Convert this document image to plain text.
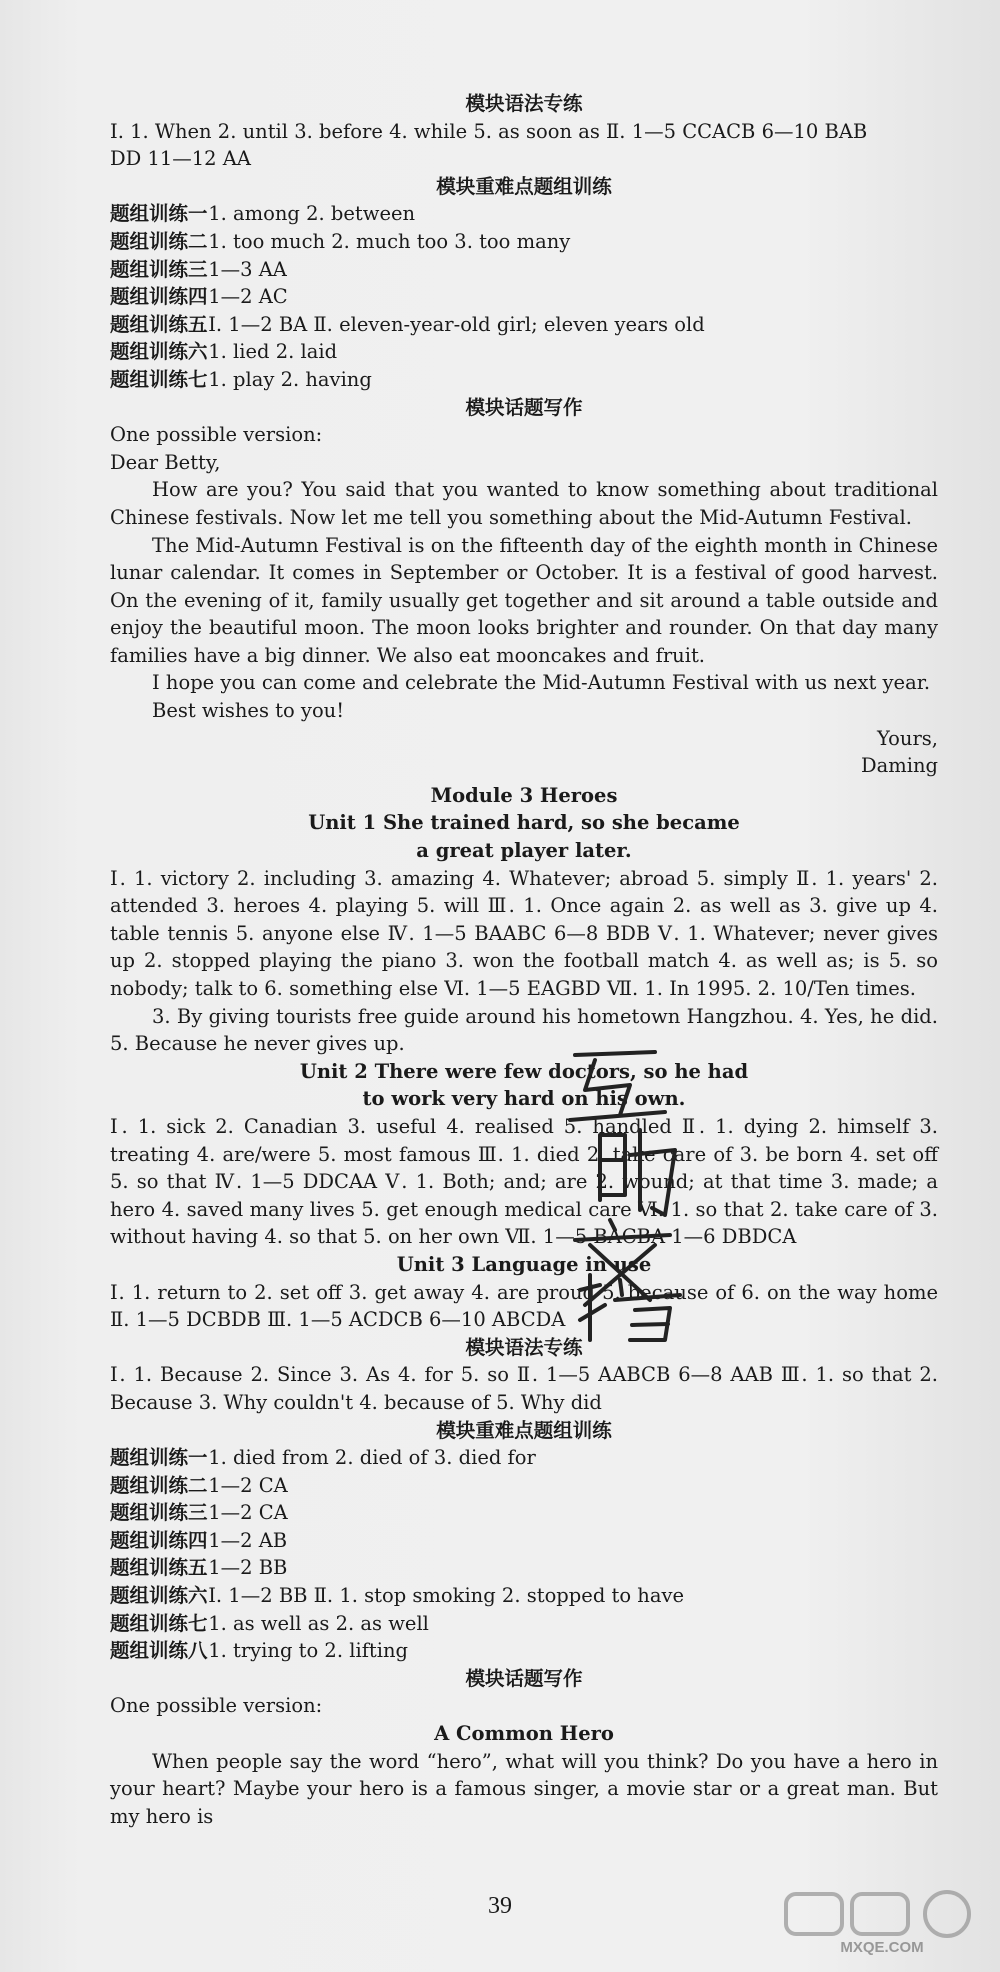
模块语法专练
Ⅰ. 1. When 2. until 3. before 4. while 5. as soon as Ⅱ. 1—5 CCACB 6—10 BAB
DD 11—12 AA
模块重难点题组训练
题组训练一 1. among 2. between
题组训练二 1. too much 2. much too 3. too many
题组训练三 1—3 AA
题组训练四 1—2 AC
题组训练五 Ⅰ. 1—2 BA Ⅱ. eleven-year-old girl; eleven years old
题组训练六 1. lied 2. laid
题组训练七 1. play 2. having
模块话题写作
One possible version:
Dear Betty,
How are you? You said that you wanted to know something about traditional Chinese festivals. Now let me tell you something about the Mid-Autumn Festival.
The Mid-Autumn Festival is on the fifteenth day of the eighth month in Chinese lunar calendar. It comes in September or October. It is a festival of good harvest. On the evening of it, family usually get together and sit around a table outside and enjoy the beautiful moon. The moon looks brighter and rounder. On that day many families have a big dinner. We also eat mooncakes and fruit.
I hope you can come and celebrate the Mid-Autumn Festival with us next year.
Best wishes to you!
Yours,
Daming
Module 3 Heroes
Unit 1 She trained hard, so she became
a great player later.
Ⅰ. 1. victory 2. including 3. amazing 4. Whatever; abroad 5. simply Ⅱ. 1. years' 2. attended 3. heroes 4. playing 5. will Ⅲ. 1. Once again 2. as well as 3. give up 4. table tennis 5. anyone else Ⅳ. 1—5 BAABC 6—8 BDB Ⅴ. 1. Whatever; never gives up 2. stopped playing the piano 3. won the football match 4. as well as; is 5. so nobody; talk to 6. something else Ⅵ. 1—5 EAGBD Ⅶ. 1. In 1995. 2. 10/Ten times.
3. By giving tourists free guide around his hometown Hangzhou. 4. Yes, he did. 5. Because he never gives up.
Unit 2 There were few doctors, so he had
to work very hard on his own.
Ⅰ. 1. sick 2. Canadian 3. useful 4. realised 5. handled Ⅱ. 1. dying 2. himself 3. treating 4. are/were 5. most famous Ⅲ. 1. died 2. take care of 3. be born 4. set off 5. so that Ⅳ. 1—5 DDCAA Ⅴ. 1. Both; and; are 2. wound; at that time 3. made; a hero 4. saved many lives 5. get enough medical care Ⅵ. 1. so that 2. take care of 3. without having 4. so that 5. on her own Ⅶ. 1—5 BACBA 1—6 DBDCA
Unit 3 Language in use
Ⅰ. 1. return to 2. set off 3. get away 4. are proud 5. because of 6. on the way home Ⅱ. 1—5 DCBDB Ⅲ. 1—5 ACDCB 6—10 ABCDA
模块语法专练
Ⅰ. 1. Because 2. Since 3. As 4. for 5. so Ⅱ. 1—5 AABCB 6—8 AAB Ⅲ. 1. so that 2. Because 3. Why couldn't 4. because of 5. Why did
模块重难点题组训练
题组训练一 1. died from 2. died of 3. died for
题组训练二 1—2 CA
题组训练三 1—2 CA
题组训练四 1—2 AB
题组训练五 1—2 BB
题组训练六 Ⅰ. 1—2 BB Ⅱ. 1. stop smoking 2. stopped to have
题组训练七 1. as well as 2. as well
题组训练八 1. trying to 2. lifting
模块话题写作
One possible version:
A Common Hero
When people say the word “hero”, what will you think? Do you have a hero in your heart? Maybe your hero is a famous singer, a movie star or a great man. But my hero is
39
MXQE.COM
